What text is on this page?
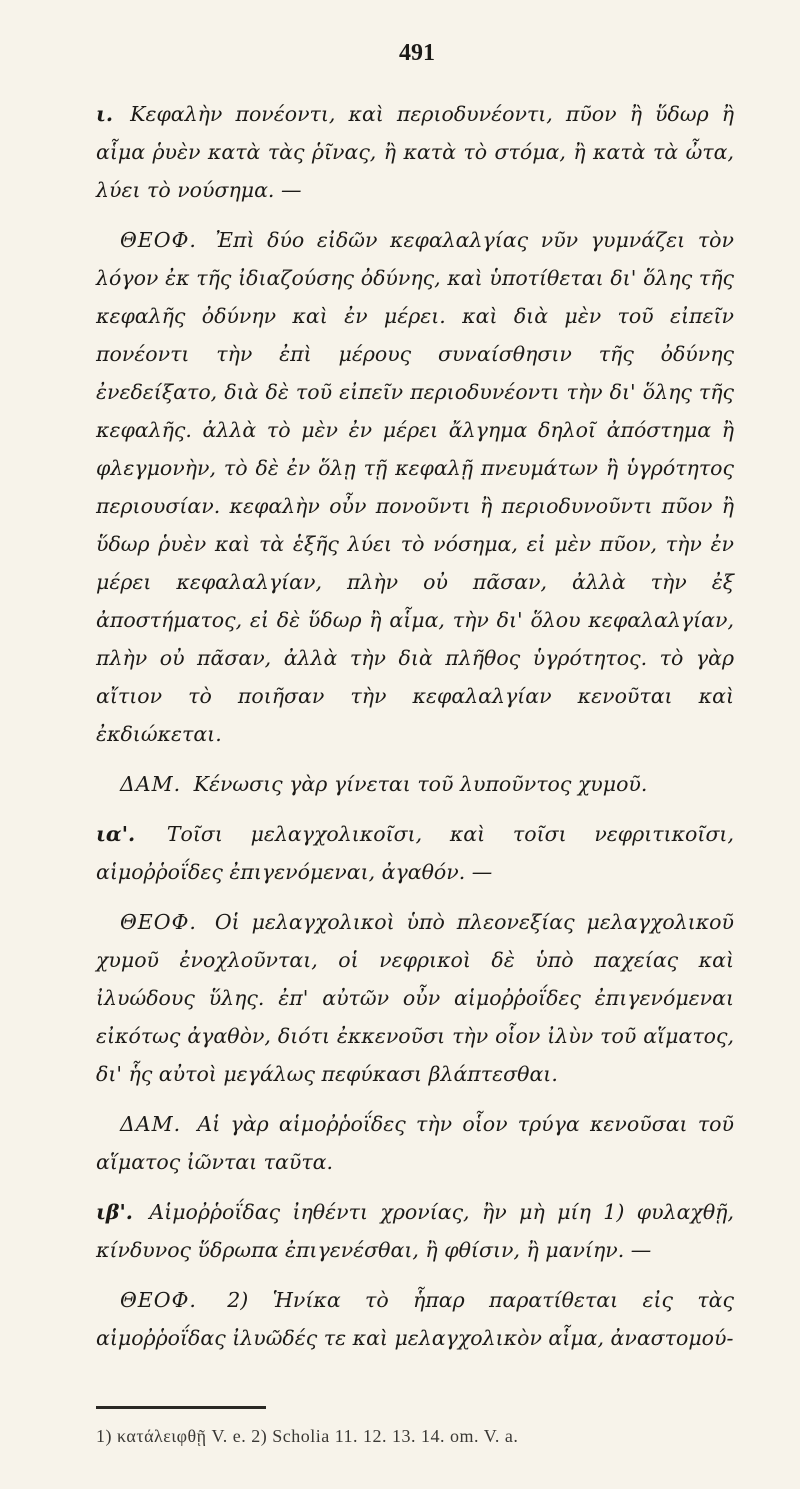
491

ι. Κεφαλὴν πονέοντι, καὶ περιοδυνέοντι, πῦον ἢ ὕδωρ ἢ αἷμα ῥυὲν κατὰ τὰς ῥῖνας, ἢ κατὰ τὸ στόμα, ἢ κατὰ τὰ ὦτα, λύει τὸ νούσημα. —

ΘΕΟΦ. Ἐπὶ δύο εἰδῶν κεφαλαλγίας νῦν γυμνάζει τὸν λόγον ἐκ τῆς ἰδιαζούσης ὀδύνης, καὶ ὑποτίθεται δι' ὅλης τῆς κεφαλῆς ὀδύνην καὶ ἐν μέρει. καὶ διὰ μὲν τοῦ εἰπεῖν πονέοντι τὴν ἐπὶ μέρους συναίσθησιν τῆς ὀδύνης ἐνεδείξατο, διὰ δὲ τοῦ εἰπεῖν περιοδυνέοντι τὴν δι' ὅλης τῆς κεφαλῆς. ἀλλὰ τὸ μὲν ἐν μέρει ἄλγημα δηλοῖ ἀπόστημα ἢ φλεγμονὴν, τὸ δὲ ἐν ὅλῃ τῇ κεφαλῇ πνευμάτων ἢ ὑγρότητος περιουσίαν. κεφαλὴν οὖν πονοῦντι ἢ περιοδυνοῦντι πῦον ἢ ὕδωρ ῥυὲν καὶ τὰ ἑξῆς λύει τὸ νόσημα, εἰ μὲν πῦον, τὴν ἐν μέρει κεφαλαλγίαν, πλὴν οὐ πᾶσαν, ἀλλὰ τὴν ἐξ ἀποστήματος, εἰ δὲ ὕδωρ ἢ αἷμα, τὴν δι' ὅλου κεφαλαλγίαν, πλὴν οὐ πᾶσαν, ἀλλὰ τὴν διὰ πλῆθος ὑγρότητος. τὸ γὰρ αἴτιον τὸ ποιῆσαν τὴν κεφαλαλγίαν κενοῦται καὶ ἐκδιώκεται.

ΔΑΜ. Κένωσις γὰρ γίνεται τοῦ λυποῦντος χυμοῦ.

ια'. Τοῖσι μελαγχολικοῖσι, καὶ τοῖσι νεφριτικοῖσι, αἱμοῤῥοΐδες ἐπιγενόμεναι, ἀγαθόν. —

ΘΕΟΦ. Οἱ μελαγχολικοὶ ὑπὸ πλεονεξίας μελαγχολικοῦ χυμοῦ ἐνοχλοῦνται, οἱ νεφρικοὶ δὲ ὑπὸ παχείας καὶ ἰλυώδους ὕλης. ἐπ' αὐτῶν οὖν αἱμοῤῥοΐδες ἐπιγενόμεναι εἰκότως ἀγαθὸν, διότι ἐκκενοῦσι τὴν οἷον ἰλὺν τοῦ αἵματος, δι' ἧς αὐτοὶ μεγάλως πεφύκασι βλάπτεσθαι.

ΔΑΜ. Αἱ γὰρ αἱμοῤῥοΐδες τὴν οἷον τρύγα κενοῦσαι τοῦ αἵματος ἰῶνται ταῦτα.

ιβ'. Αἱμοῤῥοΐδας ἰηθέντι χρονίας, ἢν μὴ μίη 1) φυλαχθῇ, κίνδυνος ὕδρωπα ἐπιγενέσθαι, ἢ φθίσιν, ἢ μανίην. —

ΘΕΟΦ. 2) Ἡνίκα τὸ ἧπαρ παρατίθεται εἰς τὰς αἱμοῤῥοΐδας ἰλυῶδές τε καὶ μελαγχολικὸν αἷμα, ἀναστομού-

1) κατάλειφθῇ V. e. 2) Scholia 11. 12. 13. 14. om. V. a.
